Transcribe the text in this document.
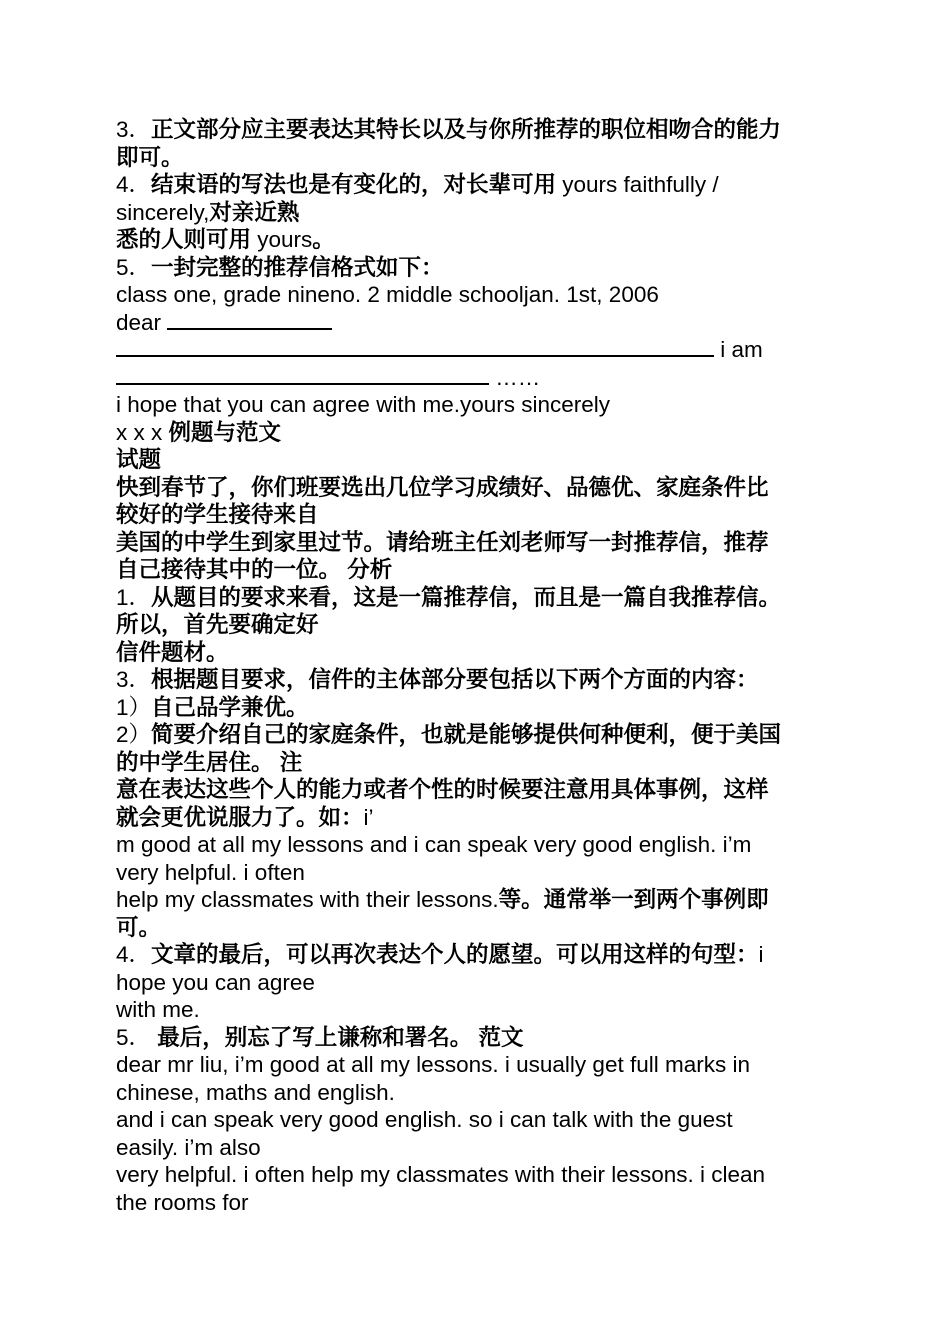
3．正文部分应主要表达其特长以及与你所推荐的职位相吻合的能力
即可。
4．结束语的写法也是有变化的，对长辈可用 yours faithfully /
sincerely,对亲近熟
悉的人则可用 yours。
5．一封完整的推荐信格式如下：
class one, grade nineno. 2 middle schooljan. 1st, 2006
dear
i am
……
i hope that you can agree with me.yours sincerely
x x x 例题与范文
试题
快到春节了，你们班要选出几位学习成绩好、品德优、家庭条件比
较好的学生接待来自
美国的中学生到家里过节。请给班主任刘老师写一封推荐信，推荐
自己接待其中的一位。 分析
1．从题目的要求来看，这是一篇推荐信，而且是一篇自我推荐信。
所以，首先要确定好
信件题材。
3．根据题目要求，信件的主体部分要包括以下两个方面的内容：
1）自己品学兼优。
2）简要介绍自己的家庭条件，也就是能够提供何种便利，便于美国
的中学生居住。 注
意在表达这些个人的能力或者个性的时候要注意用具体事例，这样
就会更优说服力了。如：i’
m good at all my lessons and i can speak very good english. i’m
very helpful. i often
help my classmates with their lessons.等。通常举一到两个事例即
可。
4．文章的最后，可以再次表达个人的愿望。可以用这样的句型：i
hope you can agree
with me.
5． 最后，别忘了写上谦称和署名。 范文
dear mr liu, i’m good at all my lessons. i usually get full marks in
chinese, maths and english.
and i can speak very good english. so i can talk with the guest
easily. i’m also
very helpful. i often help my classmates with their lessons. i clean
the rooms for
